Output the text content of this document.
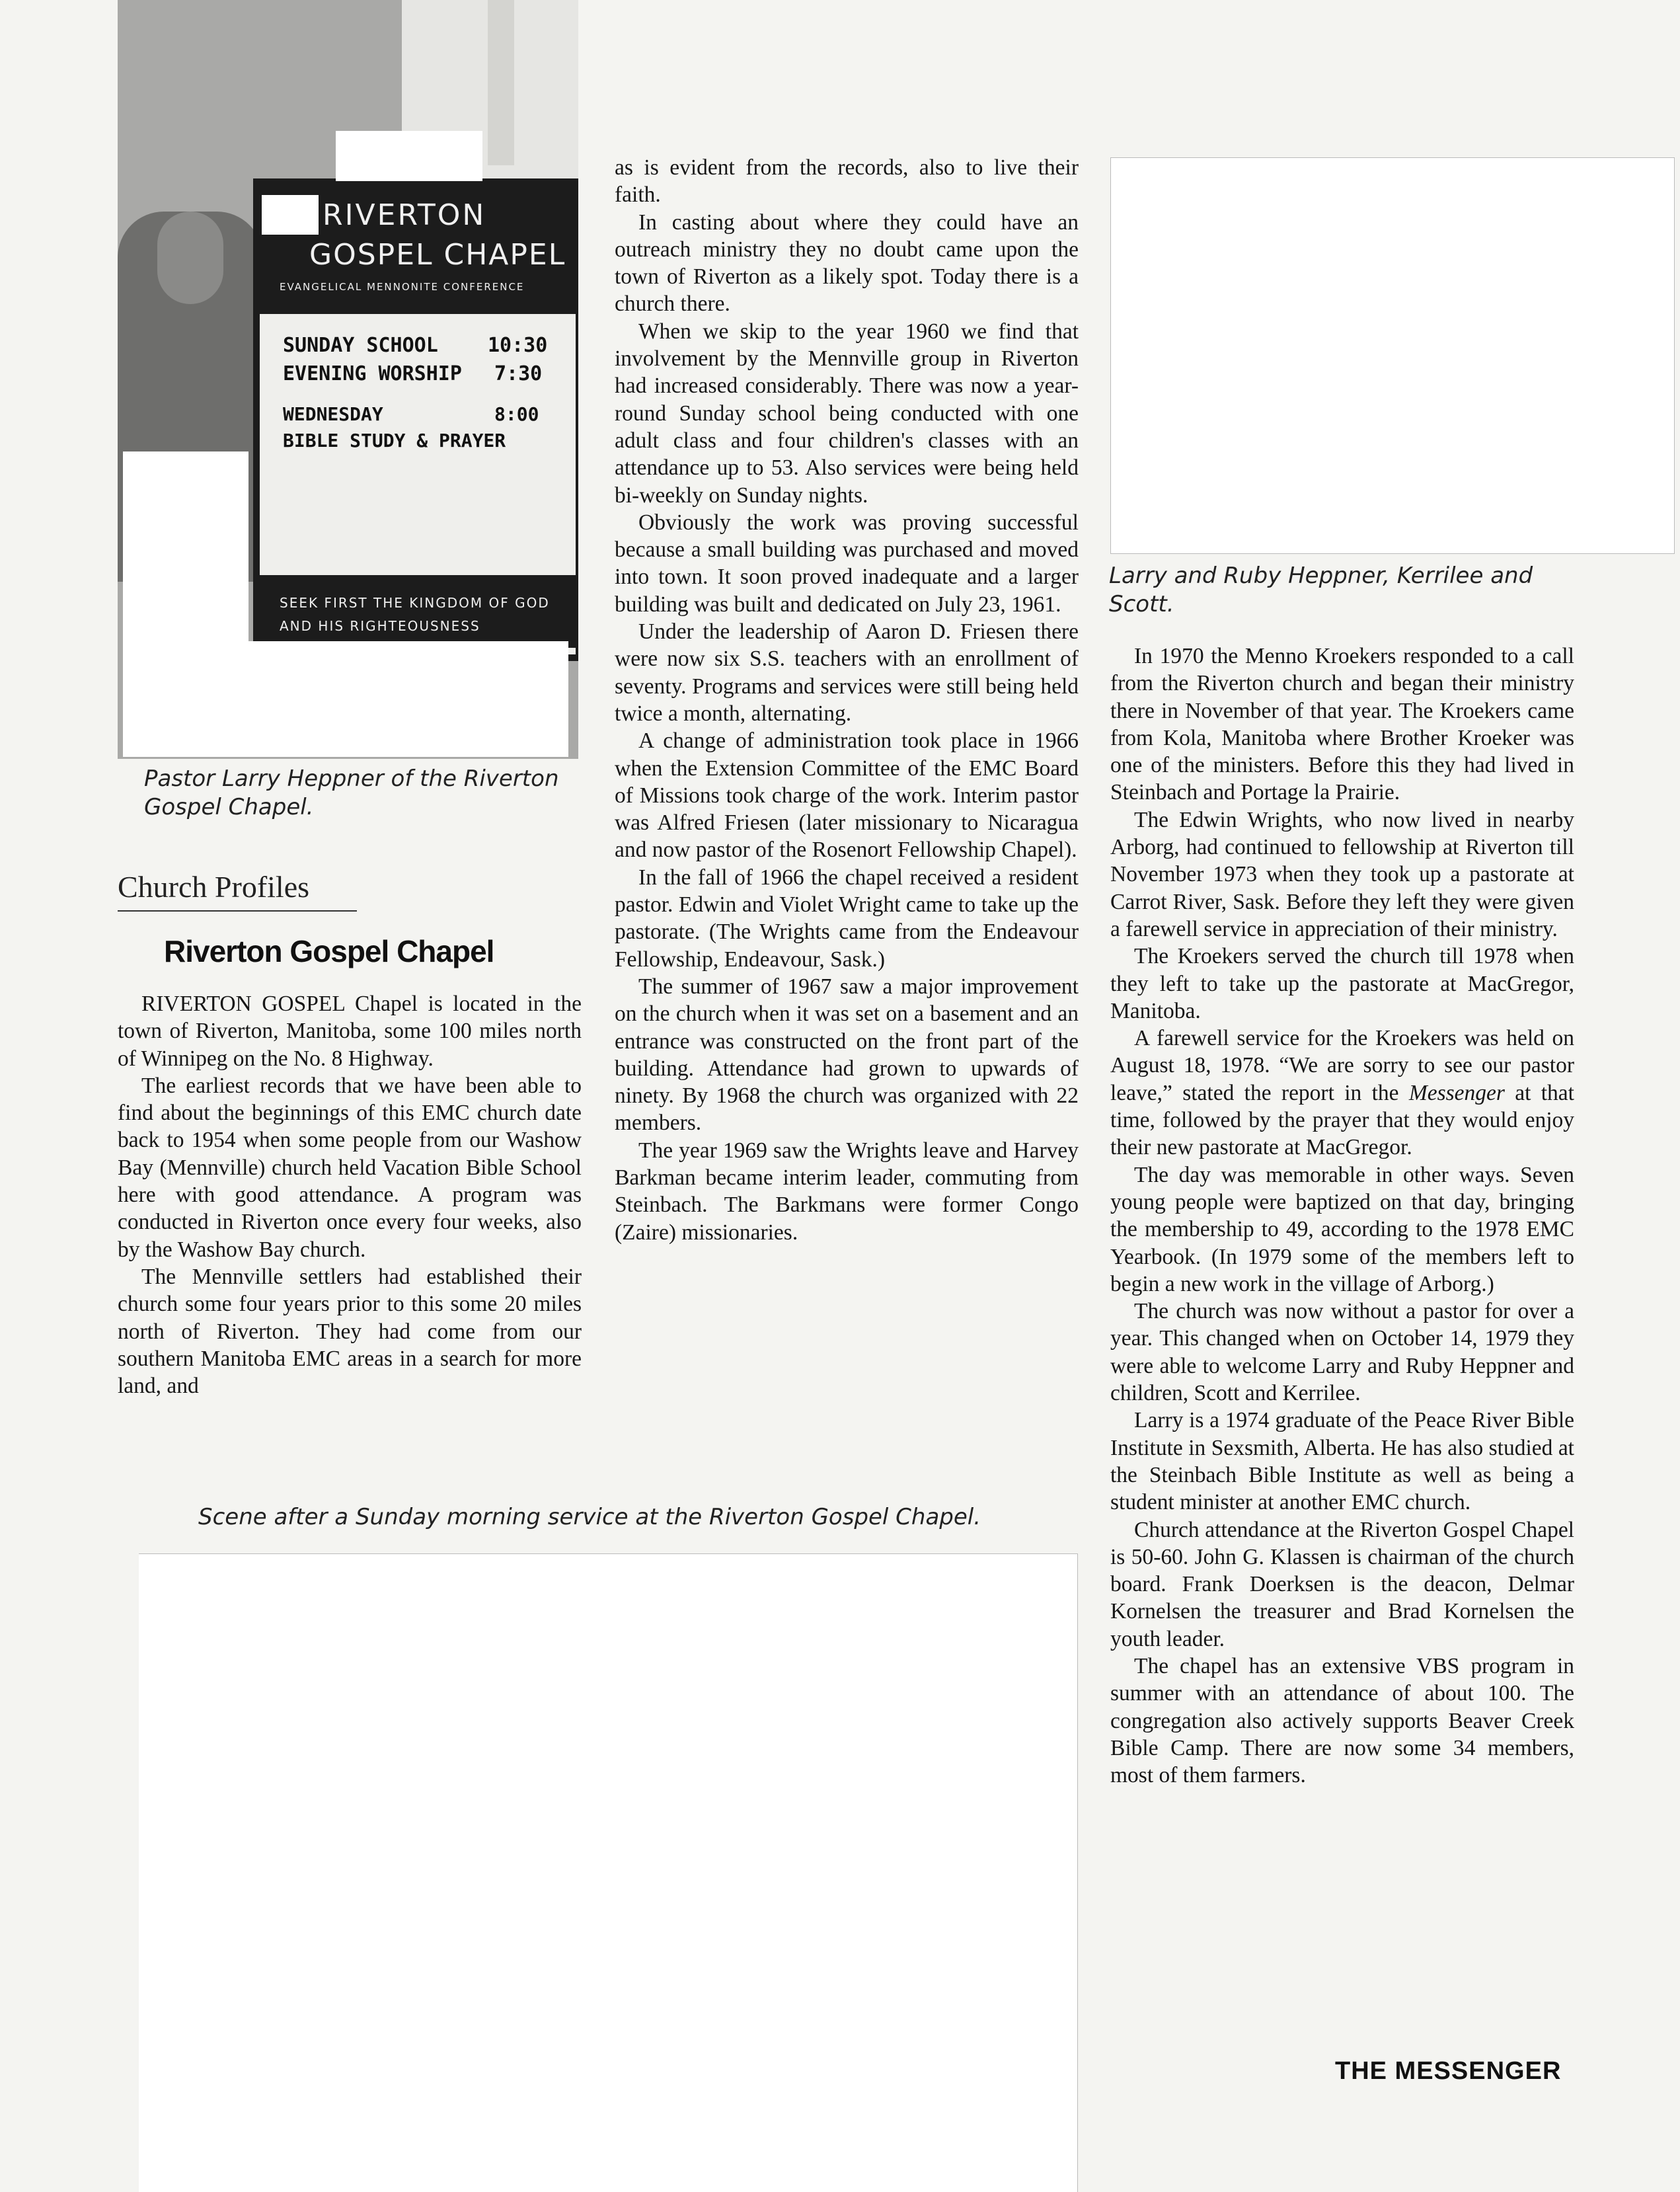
RIVERTON
GOSPEL CHAPEL
EVANGELICAL MENNONITE CONFERENCE
SUNDAY SCHOOL	10:30
EVENING WORSHIP 7:30
WEDNESDAY	8:00
BIBLE STUDY & PRAYER
SEEK FIRST THE KINGDOM OF GOD
AND HIS RIGHTEOUSNESS
Pastor Larry Heppner of the Riverton Gospel Chapel.
Church Profiles
Riverton Gospel Chapel

RIVERTON GOSPEL Chapel is located in the town of Riverton, Manitoba, some 100 miles north of Winnipeg on the No. 8 Highway.

The earliest records that we have been able to find about the beginnings of this EMC church date back to 1954 when some people from our Washow Bay (Mennville) church held Vacation Bible School here with good attendance. A program was conducted in Riverton once every four weeks, also by the Washow Bay church.

The Mennville settlers had established their church some four years prior to this some 20 miles north of Riverton. They had come from our southern Manitoba EMC areas in a search for more land, and

as is evident from the records, also to live their faith.

In casting about where they could have an outreach ministry they no doubt came upon the town of Riverton as a likely spot. Today there is a church there.

When we skip to the year 1960 we find that involvement by the Mennville group in Riverton had increased considerably. There was now a year-round Sunday school being conducted with one adult class and four children's classes with an attendance up to 53. Also services were being held bi-weekly on Sunday nights.

Obviously the work was proving successful because a small building was purchased and moved into town. It soon proved inadequate and a larger building was built and dedicated on July 23, 1961.

Under the leadership of Aaron D. Friesen there were now six S.S. teachers with an enrollment of seventy. Programs and services were still being held twice a month, alternating.

A change of administration took place in 1966 when the Extension Committee of the EMC Board of Missions took charge of the work. Interim pastor was Alfred Friesen (later missionary to Nicaragua and now pastor of the Rosenort Fellowship Chapel).

In the fall of 1966 the chapel received a resident pastor. Edwin and Violet Wright came to take up the pastorate. (The Wrights came from the Endeavour Fellowship, Endeavour, Sask.)

The summer of 1967 saw a major improvement on the church when it was set on a basement and an entrance was constructed on the front part of the building. Attendance had grown to upwards of ninety. By 1968 the church was organized with 22 members.

The year 1969 saw the Wrights leave and Harvey Barkman became interim leader, commuting from Steinbach. The Barkmans were former Congo (Zaire) missionaries.

Larry and Ruby Heppner, Kerrilee and Scott.

In 1970 the Menno Kroekers responded to a call from the Riverton church and began their ministry there in November of that year. The Kroekers came from Kola, Manitoba where Brother Kroeker was one of the ministers. Before this they had lived in Steinbach and Portage la Prairie.

The Edwin Wrights, who now lived in nearby Arborg, had continued to fellowship at Riverton till November 1973 when they took up a pastorate at Carrot River, Sask. Before they left they were given a farewell service in appreciation of their ministry.

The Kroekers served the church till 1978 when they left to take up the pastorate at MacGregor, Manitoba.

A farewell service for the Kroekers was held on August 18, 1978. “We are sorry to see our pastor leave,” stated the report in the Messenger at that time, followed by the prayer that they would enjoy their new pastorate at MacGregor.

The day was memorable in other ways. Seven young people were baptized on that day, bringing the membership to 49, according to the 1978 EMC Yearbook. (In 1979 some of the members left to begin a new work in the village of Arborg.)

The church was now without a pastor for over a year. This changed when on October 14, 1979 they were able to welcome Larry and Ruby Heppner and children, Scott and Kerrilee.

Larry is a 1974 graduate of the Peace River Bible Institute in Sexsmith, Alberta. He has also studied at the Steinbach Bible Institute as well as being a student minister at another EMC church.

Church attendance at the Riverton Gospel Chapel is 50-60. John G. Klassen is chairman of the church board. Frank Doerksen is the deacon, Delmar Kornelsen the treasurer and Brad Kornelsen the youth leader.

The chapel has an extensive VBS program in summer with an attendance of about 100. The congregation also actively supports Beaver Creek Bible Camp. There are now some 34 members, most of them farmers.

Scene after a Sunday morning service at the Riverton Gospel Chapel.
THE MESSENGER
